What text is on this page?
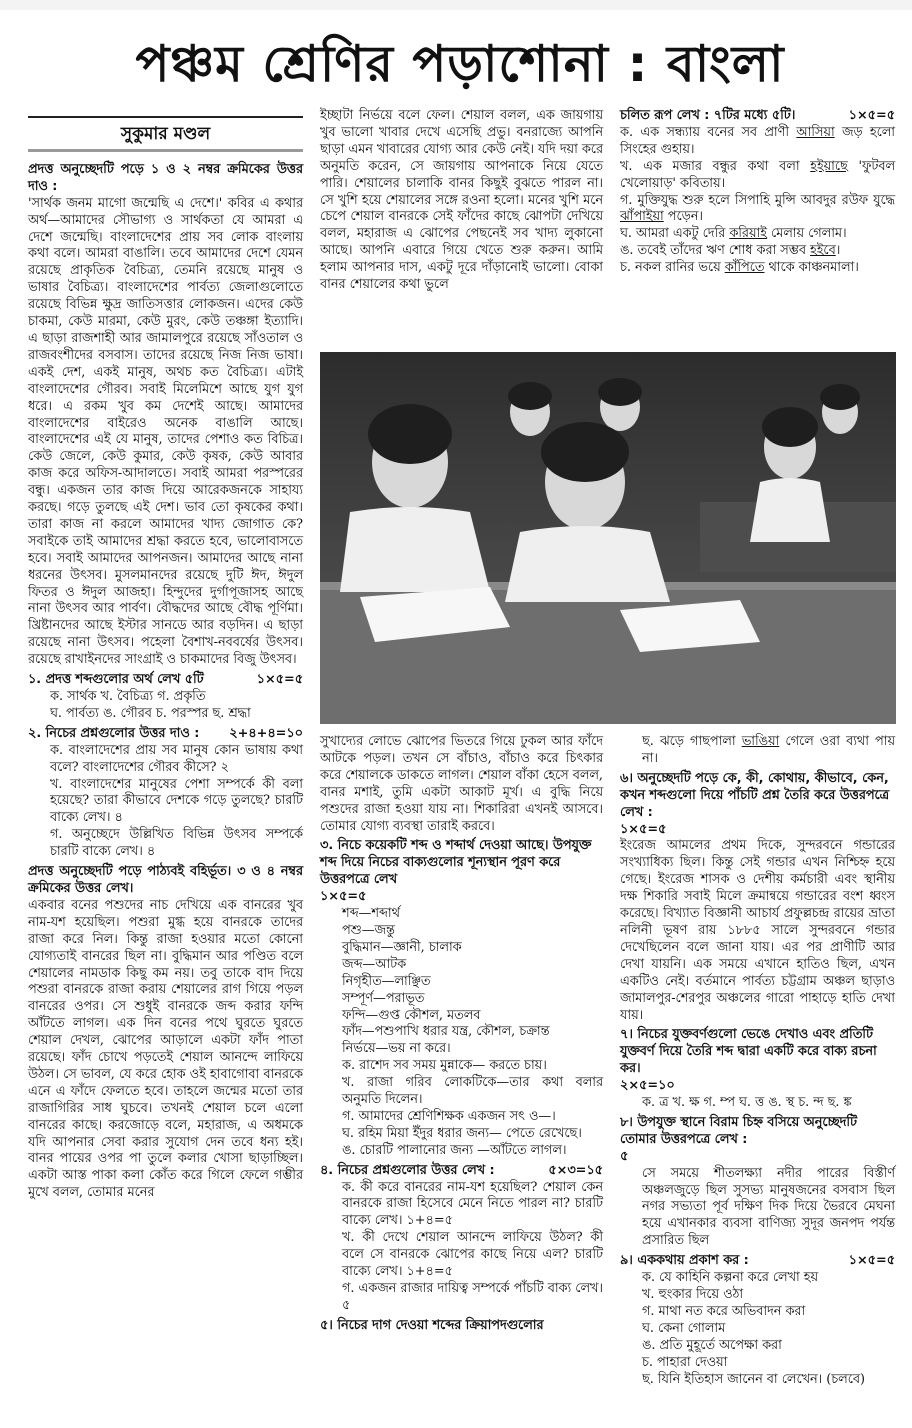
পঞ্চম শ্রেণির পড়াশোনা : বাংলা
সুকুমার মণ্ডল

প্রদত্ত অনুচ্ছেদটি পড়ে ১ ও ২ নম্বর ক্রমিকের উত্তর দাও :

'সার্থক জনম মাগো জন্মেছি এ দেশে।' কবির এ কথার অর্থ—আমাদের সৌভাগ্য ও সার্থকতা যে আমরা এ দেশে জন্মেছি। বাংলাদেশের প্রায় সব লোক বাংলায় কথা বলে। আমরা বাঙালি। তবে আমাদের দেশে যেমন রয়েছে প্রাকৃতিক বৈচিত্র্য, তেমনি রয়েছে মানুষ ও ভাষার বৈচিত্র্য। বাংলাদেশের পার্বত্য জেলাগুলোতে রয়েছে বিভিন্ন ক্ষুদ্র জাতিসত্তার লোকজন। এদের কেউ চাকমা, কেউ মারমা, কেউ মুরং, কেউ তঞ্চঙ্গা ইত্যাদি। এ ছাড়া রাজশাহী আর জামালপুরে রয়েছে সাঁওতাল ও রাজবংশীদের বসবাস। তাদের রয়েছে নিজ নিজ ভাষা। একই দেশ, একই মানুষ, অথচ কত বৈচিত্র্য। এটাই বাংলাদেশের গৌরব। সবাই মিলেমিশে আছে যুগ যুগ ধরে। এ রকম খুব কম দেশেই আছে। আমাদের বাংলাদেশের বাইরেও অনেক বাঙালি আছে। বাংলাদেশের এই যে মানুষ, তাদের পেশাও কত বিচিত্র। কেউ জেলে, কেউ কুমার, কেউ কৃষক, কেউ আবার কাজ করে অফিস-আদালতে। সবাই আমরা পরস্পরের বন্ধু। একজন তার কাজ দিয়ে আরেকজনকে সাহায্য করছে। গড়ে তুলছে এই দেশ। ভাব তো কৃষকের কথা। তারা কাজ না করলে আমাদের খাদ্য জোগাত কে? সবাইকে তাই আমাদের শ্রদ্ধা করতে হবে, ভালোবাসতে হবে। সবাই আমাদের আপনজন। আমাদের আছে নানা ধরনের উৎসব। মুসলমানদের রয়েছে দুটি ঈদ, ঈদুল ফিতর ও ঈদুল আজহা। হিন্দুদের দুর্গাপূজাসহ আছে নানা উৎসব আর পার্বণ। বৌদ্ধদের আছে বৌদ্ধ পূর্ণিমা। খ্রিষ্টানদের আছে ইস্টার সানডে আর বড়দিন। এ ছাড়া রয়েছে নানা উৎসব। পহেলা বৈশাখ-নববর্ষের উৎসব। রয়েছে রাখাইনদের সাংগ্রাই ও চাকমাদের বিজু উৎসব।

১. প্রদত্ত শব্দগুলোর অর্থ লেখ ৫টি	১×৫=৫

ক. সার্থক খ. বৈচিত্র্য গ. প্রকৃতি

ঘ. পার্বত্য ঙ. গৌরব চ. পরস্পর ছ. শ্রদ্ধা

২. নিচের প্রশ্নগুলোর উত্তর দাও : ২+৪+৪=১০

ক. বাংলাদেশের প্রায় সব মানুষ কোন ভাষায় কথা বলে? বাংলাদেশের গৌরব কীসে? ২

খ. বাংলাদেশের মানুষের পেশা সম্পর্কে কী বলা হয়েছে? তারা কীভাবে দেশকে গড়ে তুলছে? চারটি বাক্যে লেখ। ৪

গ. অনুচ্ছেদে উল্লিখিত বিভিন্ন উৎসব সম্পর্কে চারটি বাক্যে লেখ। ৪

প্রদত্ত অনুচ্ছেদটি পড়ে পাঠ্যবই বহির্ভূত। ৩ ও ৪ নম্বর ক্রমিকের উত্তর লেখ।

একবার বনের পশুদের নাচ দেখিয়ে এক বানরের খুব নাম-যশ হয়েছিল। পশুরা মুগ্ধ হয়ে বানরকে তাদের রাজা করে নিল। কিন্তু রাজা হওয়ার মতো কোনো যোগ্যতাই বানরের ছিল না। বুদ্ধিমান আর পণ্ডিত বলে শেয়ালের নামডাক কিছু কম নয়। তবু তাকে বাদ দিয়ে পশুরা বানরকে রাজা করায় শেয়ালের রাগ গিয়ে পড়ল বানরের ওপর। সে শুধুই বানরকে জব্দ করার ফন্দি আঁটতে লাগল। এক দিন বনের পথে ঘুরতে ঘুরতে শেয়াল দেখল, ঝোপের আড়ালে একটা ফাঁদ পাতা রয়েছে। ফাঁদ চোখে পড়তেই শেয়াল আনন্দে লাফিয়ে উঠল। সে ভাবল, যে করে হোক ওই হাবাগোবা বানরকে এনে এ ফাঁদে ফেলতে হবে। তাহলে জন্মের মতো তার রাজাগিরির সাধ ঘুচবে। তখনই শেয়াল চলে এলো বানরের কাছে। করজোড়ে বলে, মহারাজ, এ অধমকে যদি আপনার সেবা করার সুযোগ দেন তবে ধন্য হই। বানর পায়ের ওপর পা তুলে কলার খোসা ছাড়াচ্ছিল। একটা আস্ত পাকা কলা কোঁত করে গিলে ফেলে গম্ভীর মুখে বলল, তোমার মনের

ইচ্ছাটা নির্ভয়ে বলে ফেল। শেয়াল বলল, এক জায়গায় খুব ভালো খাবার দেখে এসেছি প্রভু। বনরাজ্যে আপনি ছাড়া এমন খাবারের যোগ্য আর কেউ নেই। যদি দয়া করে অনুমতি করেন, সে জায়গায় আপনাকে নিয়ে যেতে পারি। শেয়ালের চালাকি বানর কিছুই বুঝতে পারল না। সে খুশি হয়ে শেয়ালের সঙ্গে রওনা হলো। মনের খুশি মনে চেপে শেয়াল বানরকে সেই ফাঁদের কাছে ঝোপটা দেখিয়ে বলল, মহারাজ এ ঝোপের পেছনেই সব খাদ্য লুকানো আছে। আপনি এবারে গিয়ে খেতে শুরু করুন। আমি হলাম আপনার দাস, একটু দূরে দাঁড়ানোই ভালো। বোকা বানর শেয়ালের কথা ভুলে

চলিত রূপ লেখ : ৭টির মধ্যে ৫টি।	১×৫=৫

ক. এক সন্ধ্যায় বনের সব প্রাণী আসিয়া জড় হলো সিংহের গুহায়।

খ. এক মজার বন্ধুর কথা বলা হইয়াছে 'ফুটবল খেলোয়াড়' কবিতায়।

গ. মুক্তিযুদ্ধ শুরু হলে সিপাহি মুন্সি আবদুর রউফ যুদ্ধে ঝাঁপাইয়া পড়েন।

ঘ. আমরা একটু দেরি করিয়াই মেলায় গেলাম।

ঙ. তবেই তাঁদের ঋণ শোধ করা সম্ভব হইবে।

চ. নকল রানির ভয়ে কাঁপিতে থাকে কাঞ্চনমালা।

সুখাদ্যের লোভে ঝোপের ভিতরে গিয়ে ঢুকল আর ফাঁদে আটকে পড়ল। তখন সে বাঁচাও, বাঁচাও করে চিৎকার করে শেয়ালকে ডাকতে লাগল। শেয়াল বাঁকা হেসে বলল, বানর মশাই, তুমি একটা আকাট মূর্খ। এ বুদ্ধি নিয়ে পশুদের রাজা হওয়া যায় না। শিকারিরা এখনই আসবে। তোমার যোগ্য ব্যবস্থা তারাই করবে।

৩. নিচে কয়েকটি শব্দ ও শব্দার্থ দেওয়া আছে। উপযুক্ত শব্দ দিয়ে নিচের বাক্যগুলোর শূন্যস্থান পূরণ করে উত্তরপত্রে লেখ

১×৫=৫

শব্দ—শব্দার্থ

পশু—জন্তু

বুদ্ধিমান—জ্ঞানী, চালাক

জব্দ—আটক

নিগৃহীত—লাঞ্ছিত

সম্পূর্ণ—পরাভূত

ফন্দি—গুপ্ত কৌশল, মতলব

ফাঁদ—পশুপাখি ধরার যন্ত্র, কৌশল, চক্রান্ত

নির্ভয়ে—ভয় না করে।

ক. রাশেদ সব সময় মুন্নাকে— করতে চায়।

খ. রাজা গরিব লোকটিকে—তার কথা বলার অনুমতি দিলেন।

গ. আমাদের শ্রেণিশিক্ষক একজন সৎ ও—।

ঘ. রহিম মিয়া ইঁদুর ধরার জন্য— পেতে রেখেছে।

ঙ. চোরটি পালানোর জন্য —আঁটতে লাগল।

৪. নিচের প্রশ্নগুলোর উত্তর লেখ :	৫×৩=১৫

ক. কী করে বানরের নাম-যশ হয়েছিল? শেয়াল কেন বানরকে রাজা হিসেবে মেনে নিতে পারল না? চারটি বাক্যে লেখ। ১+৪=৫

খ. কী দেখে শেয়াল আনন্দে লাফিয়ে উঠল? কী বলে সে বানরকে ঝোপের কাছে নিয়ে এল? চারটি বাক্যে লেখ। ১+৪=৫

গ. একজন রাজার দায়িত্ব সম্পর্কে পাঁচটি বাক্য লেখ। ৫

৫। নিচের দাগ দেওয়া শব্দের ক্রিয়াপদগুলোর

ছ. ঝড়ে গাছপালা ভাঙিয়া গেলে ওরা ব্যথা পায় না।

৬। অনুচ্ছেদটি পড়ে কে, কী, কোথায়, কীভাবে, কেন, কখন শব্দগুলো দিয়ে পাঁচটি প্রশ্ন তৈরি করে উত্তরপত্রে লেখ :

১×৫=৫

ইংরেজ আমলের প্রথম দিকে, সুন্দরবনে গন্ডারের সংখ্যাধিক্য ছিল। কিন্তু সেই গন্ডার এখন নিশ্চিহ্ন হয়ে গেছে। ইংরেজ শাসক ও দেশীয় কর্মচারী এবং স্থানীয় দক্ষ শিকারি সবাই মিলে ক্রমান্বয়ে গন্ডারের বংশ ধ্বংস করেছে। বিখ্যাত বিজ্ঞানী আচার্য প্রফুল্লচন্দ্র রায়ের ভ্রাতা নলিনী ভূষণ রায় ১৮৮৫ সালে সুন্দরবনে গন্ডার দেখেছিলেন বলে জানা যায়। এর পর প্রাণীটি আর দেখা যায়নি। এক সময়ে এখানে হাতিও ছিল, এখন একটিও নেই। বর্তমানে পার্বত্য চট্টগ্রাম অঞ্চল ছাড়াও জামালপুর-শেরপুর অঞ্চলের গারো পাহাড়ে হাতি দেখা যায়।

৭। নিচের যুক্তবর্ণগুলো ভেঙে দেখাও এবং প্রতিটি যুক্তবর্ণ দিয়ে তৈরি শব্দ দ্বারা একটি করে বাক্য রচনা কর।

২×৫=১০

ক. ত্র খ. ক্ষ গ. ম্প ঘ. ত্ত ঙ. স্থ চ. ন্দ ছ. ঙ্ক

৮। উপযুক্ত স্থানে বিরাম চিহ্ন বসিয়ে অনুচ্ছেদটি তোমার উত্তরপত্রে লেখ :

৫

সে সময়ে শীতলক্ষ্যা নদীর পারের বিস্তীর্ণ অঞ্চলজুড়ে ছিল সুসভ্য মানুষজনের বসবাস ছিল নগর সভ্যতা পূর্ব দক্ষিণ দিক দিয়ে ভৈরবে মেঘনা হয়ে এখানকার ব্যবসা বাণিজ্য সুদূর জনপদ পর্যন্ত প্রসারিত ছিল

৯। এককথায় প্রকাশ কর :	১×৫=৫

ক. যে কাহিনি কল্পনা করে লেখা হয়

খ. হুংকার দিয়ে ওঠা

গ. মাথা নত করে অভিবাদন করা

ঘ. কেনা গোলাম

ঙ. প্রতি মুহূর্তে অপেক্ষা করা

চ. পাহারা দেওয়া

ছ. যিনি ইতিহাস জানেন বা লেখেন। (চলবে)
